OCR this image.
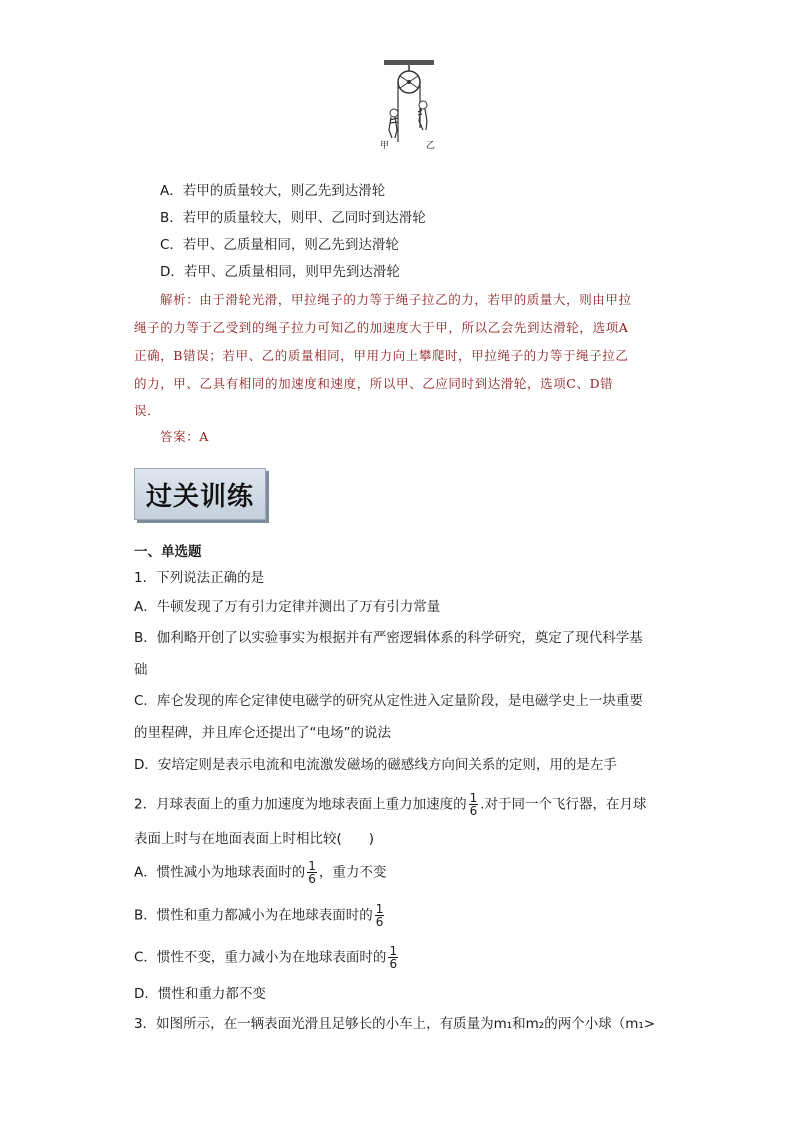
甲	乙
A．若甲的质量较大，则乙先到达滑轮
B．若甲的质量较大，则甲、乙同时到达滑轮
C．若甲、乙质量相同，则乙先到达滑轮
D．若甲、乙质量相同，则甲先到达滑轮
解析：由于滑轮光滑，甲拉绳子的力等于绳子拉乙的力，若甲的质量大，则由甲拉
绳子的力等于乙受到的绳子拉力可知乙的加速度大于甲，所以乙会先到达滑轮，选项A
正确，B错误；若甲、乙的质量相同，甲用力向上攀爬时，甲拉绳子的力等于绳子拉乙
的力，甲、乙具有相同的加速度和速度，所以甲、乙应同时到达滑轮，选项C、D错
误．
答案：A
过关训练
一、单选题
1．下列说法正确的是
A．牛顿发现了万有引力定律并测出了万有引力常量
B．伽利略开创了以实验事实为根据并有严密逻辑体系的科学研究，奠定了现代科学基
础
C．库仑发现的库仑定律使电磁学的研究从定性进入定量阶段，是电磁学史上一块重要
的里程碑，并且库仑还提出了“电场”的说法
D．安培定则是表示电流和电流激发磁场的磁感线方向间关系的定则，用的是左手
2．月球表面上的重力加速度为地球表面上重力加速度的 $\frac{1}{6}$ .对于同一个飞行器，在月球
表面上时与在地面表面上时相比较(　　)
A．惯性减小为地球表面时的 $\frac{1}{6}$ ，重力不变
B．惯性和重力都减小为在地球表面时的 $\frac{1}{6}$
C．惯性不变，重力减小为在地球表面时的 $\frac{1}{6}$
D．惯性和重力都不变
3．如图所示，在一辆表面光滑且足够长的小车上，有质量为m₁和m₂的两个小球（m₁>
